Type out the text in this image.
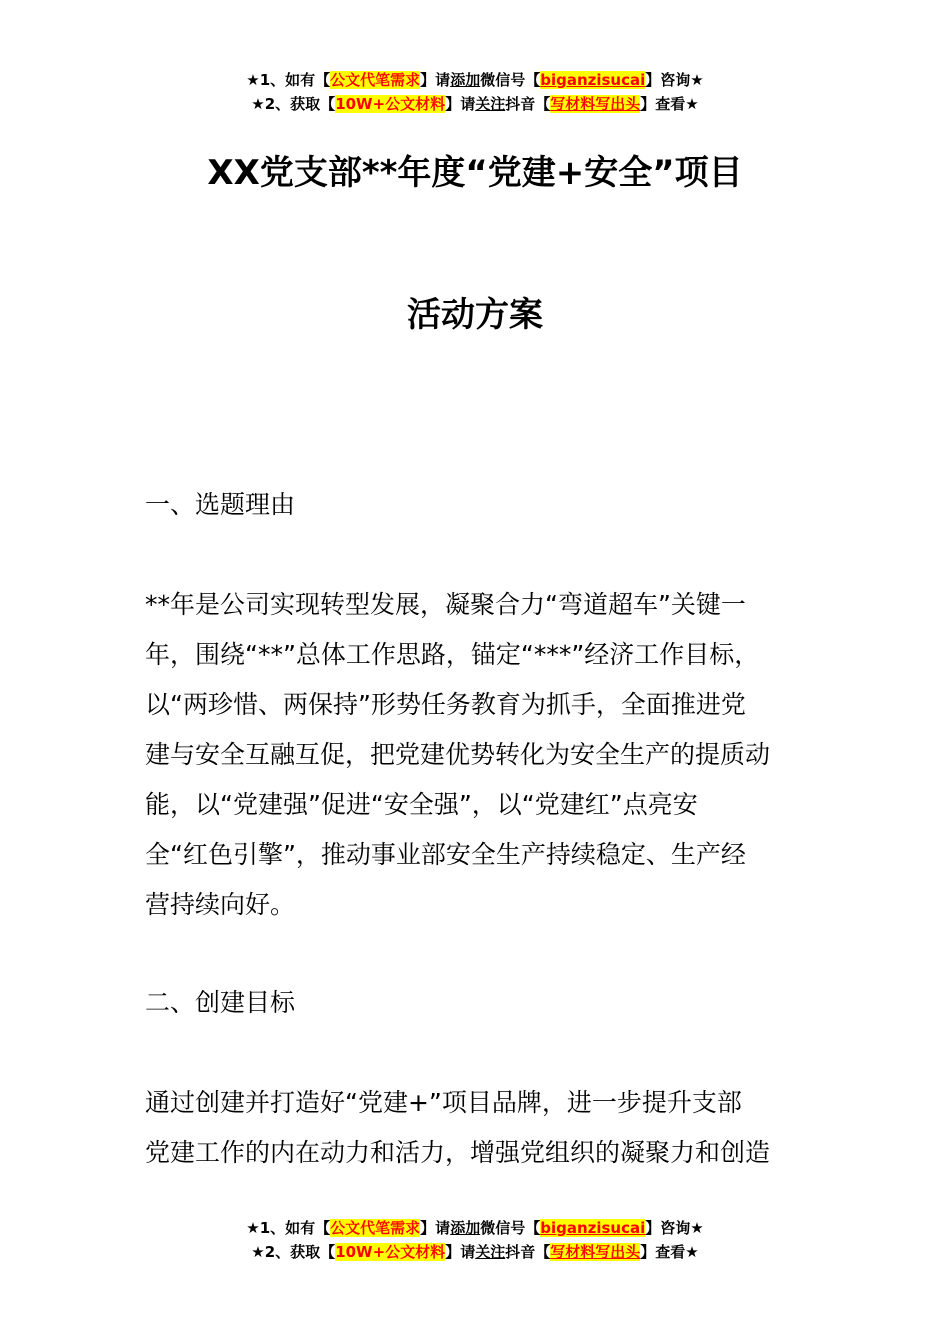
★1、如有【公文代笔需求】请添加微信号【biganzisucai】咨询★
★2、获取【10W+公文材料】请关注抖音【写材料写出头】查看★
XX党支部**年度“党建+安全”项目
活动方案
一、选题理由
**年是公司实现转型发展，凝聚合力“弯道超车”关键一
年，围绕“**”总体工作思路，锚定“***”经济工作目标，
以“两珍惜、两保持”形势任务教育为抓手，全面推进党
建与安全互融互促，把党建优势转化为安全生产的提质动
能，以“党建强”促进“安全强”，以“党建红”点亮安
全“红色引擎”，推动事业部安全生产持续稳定、生产经
营持续向好。
二、创建目标
通过创建并打造好“党建+”项目品牌，进一步提升支部
党建工作的内在动力和活力，增强党组织的凝聚力和创造
★1、如有【公文代笔需求】请添加微信号【biganzisucai】咨询★
★2、获取【10W+公文材料】请关注抖音【写材料写出头】查看★
